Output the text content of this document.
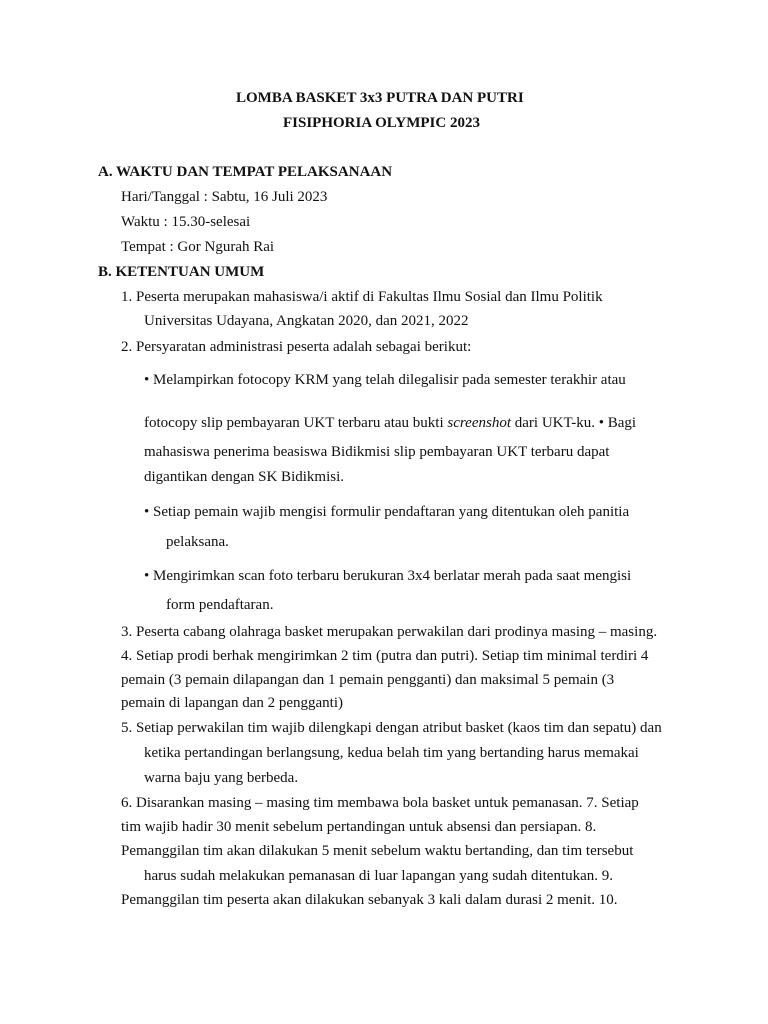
LOMBA BASKET 3x3 PUTRA DAN PUTRI
FISIPHORIA OLYMPIC 2023
A. WAKTU DAN TEMPAT PELAKSANAAN
Hari/Tanggal : Sabtu, 16 Juli 2023
Waktu : 15.30-selesai
Tempat : Gor Ngurah Rai
B. KETENTUAN UMUM
1. Peserta merupakan mahasiswa/i aktif di Fakultas Ilmu Sosial dan Ilmu Politik
Universitas Udayana, Angkatan 2020, dan 2021, 2022
2. Persyaratan administrasi peserta adalah sebagai berikut:
• Melampirkan fotocopy KRM yang telah dilegalisir pada semester terakhir atau
fotocopy slip pembayaran UKT terbaru atau bukti screenshot dari UKT-ku. • Bagi
mahasiswa penerima beasiswa Bidikmisi slip pembayaran UKT terbaru dapat
digantikan dengan SK Bidikmisi.
• Setiap pemain wajib mengisi formulir pendaftaran yang ditentukan oleh panitia
pelaksana.
• Mengirimkan scan foto terbaru berukuran 3x4 berlatar merah pada saat mengisi
form pendaftaran.
3. Peserta cabang olahraga basket merupakan perwakilan dari prodinya masing – masing.
4. Setiap prodi berhak mengirimkan 2 tim (putra dan putri). Setiap tim minimal terdiri 4
pemain (3 pemain dilapangan dan 1 pemain pengganti) dan maksimal 5 pemain (3
pemain di lapangan dan 2 pengganti)
5. Setiap perwakilan tim wajib dilengkapi dengan atribut basket (kaos tim dan sepatu) dan
ketika pertandingan berlangsung, kedua belah tim yang bertanding harus memakai
warna baju yang berbeda.
6. Disarankan masing – masing tim membawa bola basket untuk pemanasan. 7. Setiap
tim wajib hadir 30 menit sebelum pertandingan untuk absensi dan persiapan. 8.
Pemanggilan tim akan dilakukan 5 menit sebelum waktu bertanding, dan tim tersebut
harus sudah melakukan pemanasan di luar lapangan yang sudah ditentukan. 9.
Pemanggilan tim peserta akan dilakukan sebanyak 3 kali dalam durasi 2 menit. 10.
